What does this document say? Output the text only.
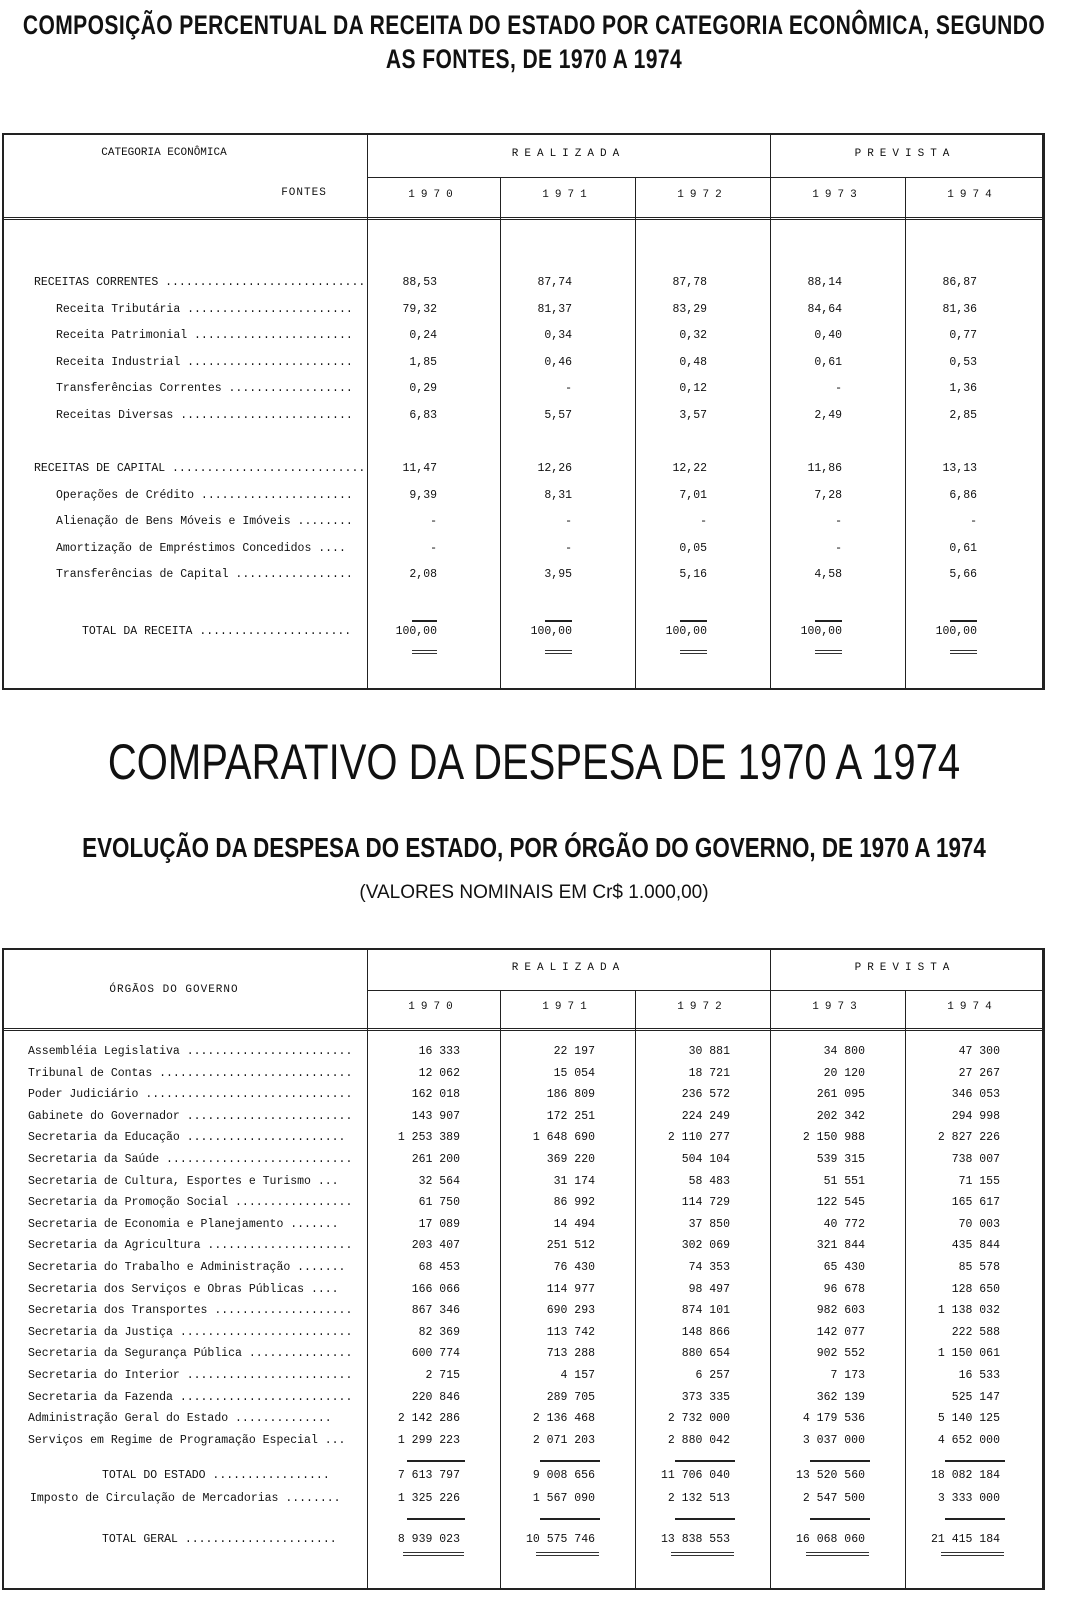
COMPOSIÇÃO PERCENTUAL DA RECEITA DO ESTADO POR CATEGORIA ECONÔMICA, SEGUNDO
AS FONTES, DE 1970 A 1974
REALIZADA	PREVISTA
1970	1971	1972	1973	1974
CATEGORIA ECONÔMICA
FONTES
RECEITAS CORRENTES .............................	88,53	87,74	87,78	88,14	86,87
Receita Tributária ........................	79,32	81,37	83,29	84,64	81,36
Receita Patrimonial .......................	0,24	0,34	0,32	0,40	0,77
Receita Industrial ........................	1,85	0,46	0,48	0,61	0,53
Transferências Correntes ..................	0,29	-	0,12	-	1,36
Receitas Diversas .........................	6,83	5,57	3,57	2,49	2,85
RECEITAS DE CAPITAL ............................	11,47	12,26	12,22	11,86	13,13
Operações de Crédito ......................	9,39	8,31	7,01	7,28	6,86
Alienação de Bens Móveis e Imóveis ........	-	-	-	-	-
Amortização de Empréstimos Concedidos ....	-	-	0,05	-	0,61
Transferências de Capital .................	2,08	3,95	5,16	4,58	5,66
TOTAL DA RECEITA ......................	100,00	100,00	100,00	100,00	100,00
COMPARATIVO DA DESPESA DE 1970 A 1974
EVOLUÇÃO DA DESPESA DO ESTADO, POR ÓRGÃO DO GOVERNO, DE 1970 A 1974
(VALORES NOMINAIS EM Cr$ 1.000,00)
REALIZADA	PREVISTA
1970	1971	1972	1973	1974
ÓRGÃOS DO GOVERNO
Assembléia Legislativa ........................	16 333	22 197	30 881	34 800	47 300
Tribunal de Contas ............................	12 062	15 054	18 721	20 120	27 267
Poder Judiciário ..............................	162 018	186 809	236 572	261 095	346 053
Gabinete do Governador ........................	143 907	172 251	224 249	202 342	294 998
Secretaria da Educação .......................	1 253 389	1 648 690	2 110 277	2 150 988	2 827 226
Secretaria da Saúde ...........................	261 200	369 220	504 104	539 315	738 007
Secretaria de Cultura, Esportes e Turismo ...	32 564	31 174	58 483	51 551	71 155
Secretaria da Promoção Social .................	61 750	86 992	114 729	122 545	165 617
Secretaria de Economia e Planejamento .......	17 089	14 494	37 850	40 772	70 003
Secretaria da Agricultura .....................	203 407	251 512	302 069	321 844	435 844
Secretaria do Trabalho e Administração .......	68 453	76 430	74 353	65 430	85 578
Secretaria dos Serviços e Obras Públicas ....	166 066	114 977	98 497	96 678	128 650
Secretaria dos Transportes ....................	867 346	690 293	874 101	982 603	1 138 032
Secretaria da Justiça .........................	82 369	113 742	148 866	142 077	222 588
Secretaria da Segurança Pública ...............	600 774	713 288	880 654	902 552	1 150 061
Secretaria do Interior ........................	2 715	4 157	6 257	7 173	16 533
Secretaria da Fazenda .........................	220 846	289 705	373 335	362 139	525 147
Administração Geral do Estado ..............	2 142 286	2 136 468	2 732 000	4 179 536	5 140 125
Serviços em Regime de Programação Especial ...	1 299 223	2 071 203	2 880 042	3 037 000	4 652 000
TOTAL DO ESTADO .................	7 613 797	9 008 656	11 706 040	13 520 560	18 082 184
Imposto de Circulação de Mercadorias ........	1 325 226	1 567 090	2 132 513	2 547 500	3 333 000
TOTAL GERAL ......................	8 939 023	10 575 746	13 838 553	16 068 060	21 415 184
